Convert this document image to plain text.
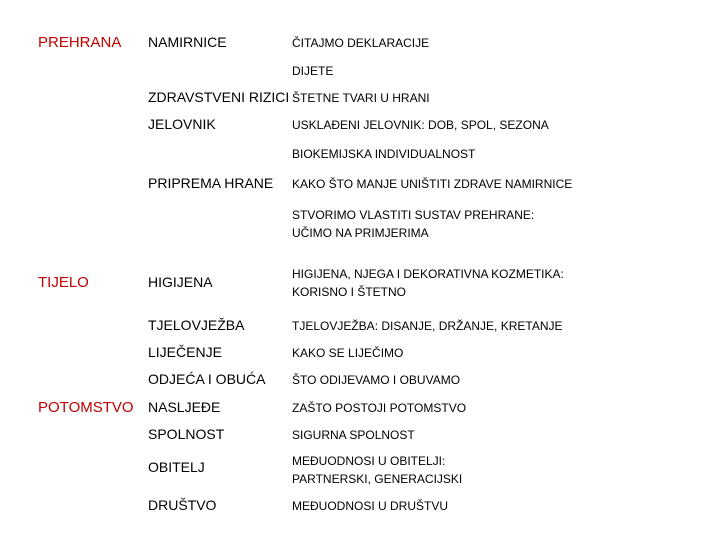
PREHRANA
TIJELO
POTOMSTVO
NAMIRNICE
ZDRAVSTVENI RIZICI
JELOVNIK
PRIPREMA HRANE
HIGIJENA
TJELOVJEŽBA
LIJEČENJE
ODJEĆA I OBUĆA
NASLJEĐE
SPOLNOST
OBITELJ
DRUŠTVO
ČITAJMO DEKLARACIJE
DIJETE
ŠTETNE TVARI U HRANI
USKLAĐENI JELOVNIK: DOB, SPOL, SEZONA
BIOKEMIJSKA INDIVIDUALNOST
KAKO ŠTO MANJE UNIŠTITI ZDRAVE NAMIRNICE
STVORIMO VLASTITI SUSTAV PREHRANE: UČIMO NA PRIMJERIMA
HIGIJENA, NJEGA I DEKORATIVNA KOZMETIKA: KORISNO I ŠTETNO
TJELOVJEŽBA: DISANJE, DRŽANJE, KRETANJE
KAKO SE LIJEČIMO
ŠTO ODIJEVAMO I OBUVAMO
ZAŠTO POSTOJI POTOMSTVO
SIGURNA SPOLNOST
MEĐUODNOSI U OBITELJI: PARTNERSKI, GENERACIJSKI
MEĐUODNOSI U DRUŠTVU
